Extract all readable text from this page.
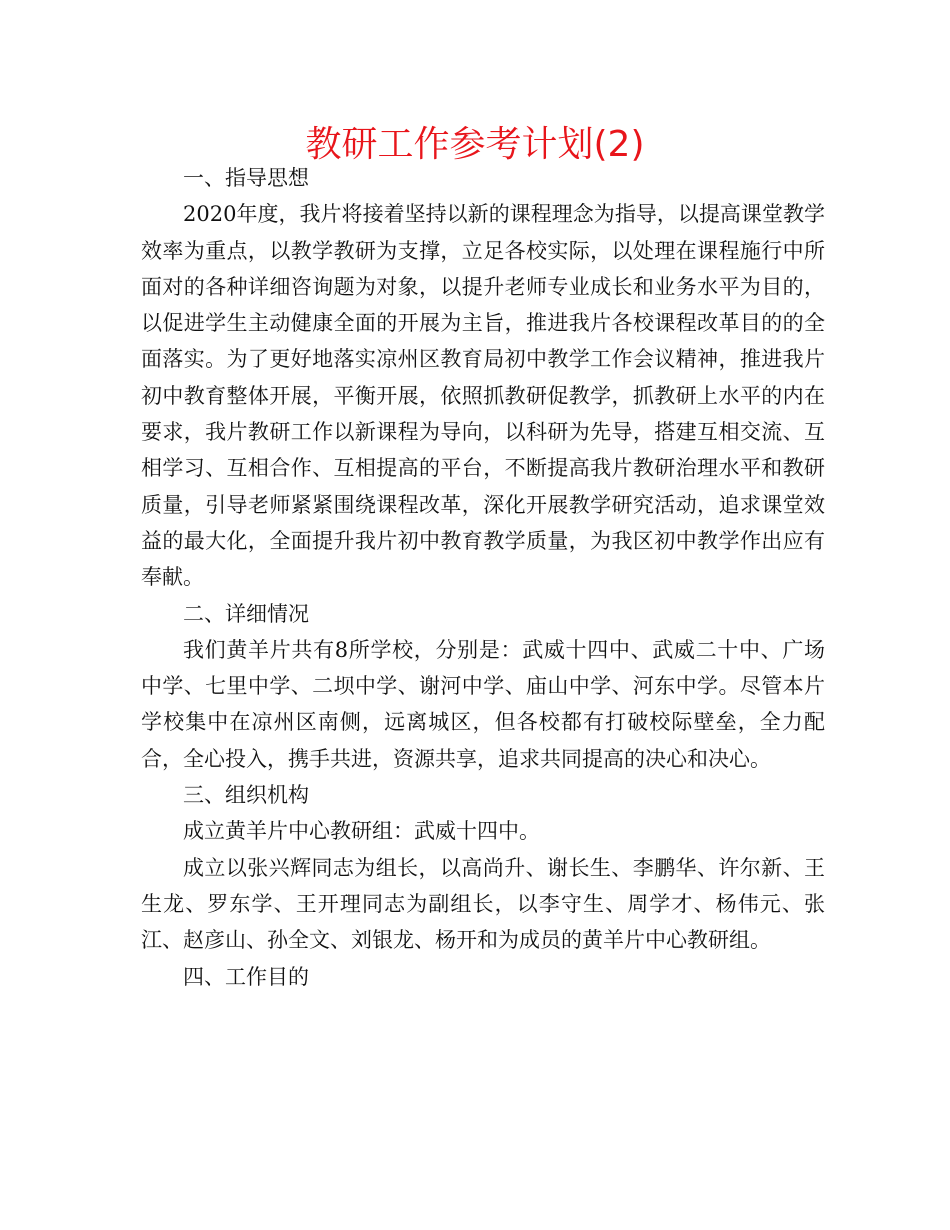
教研工作参考计划(2)

一、指导思想

2020年度，我片将接着坚持以新的课程理念为指导，以提高课堂教学效率为重点，以教学教研为支撑，立足各校实际，以处理在课程施行中所面对的各种详细咨询题为对象，以提升老师专业成长和业务水平为目的，以促进学生主动健康全面的开展为主旨，推进我片各校课程改革目的的全面落实。为了更好地落实凉州区教育局初中教学工作会议精神，推进我片初中教育整体开展，平衡开展，依照抓教研促教学，抓教研上水平的内在要求，我片教研工作以新课程为导向，以科研为先导，搭建互相交流、互相学习、互相合作、互相提高的平台，不断提高我片教研治理水平和教研质量，引导老师紧紧围绕课程改革，深化开展教学研究活动，追求课堂效益的最大化，全面提升我片初中教育教学质量，为我区初中教学作出应有奉献。

二、详细情况

我们黄羊片共有8所学校，分别是：武威十四中、武威二十中、广场中学、七里中学、二坝中学、谢河中学、庙山中学、河东中学。尽管本片学校集中在凉州区南侧，远离城区，但各校都有打破校际壁垒，全力配合，全心投入，携手共进，资源共享，追求共同提高的决心和决心。

三、组织机构

成立黄羊片中心教研组：武威十四中。

成立以张兴辉同志为组长，以高尚升、谢长生、李鹏华、许尔新、王生龙、罗东学、王开理同志为副组长，以李守生、周学才、杨伟元、张　江、赵彦山、孙全文、刘银龙、杨开和为成员的黄羊片中心教研组。

四、工作目的
